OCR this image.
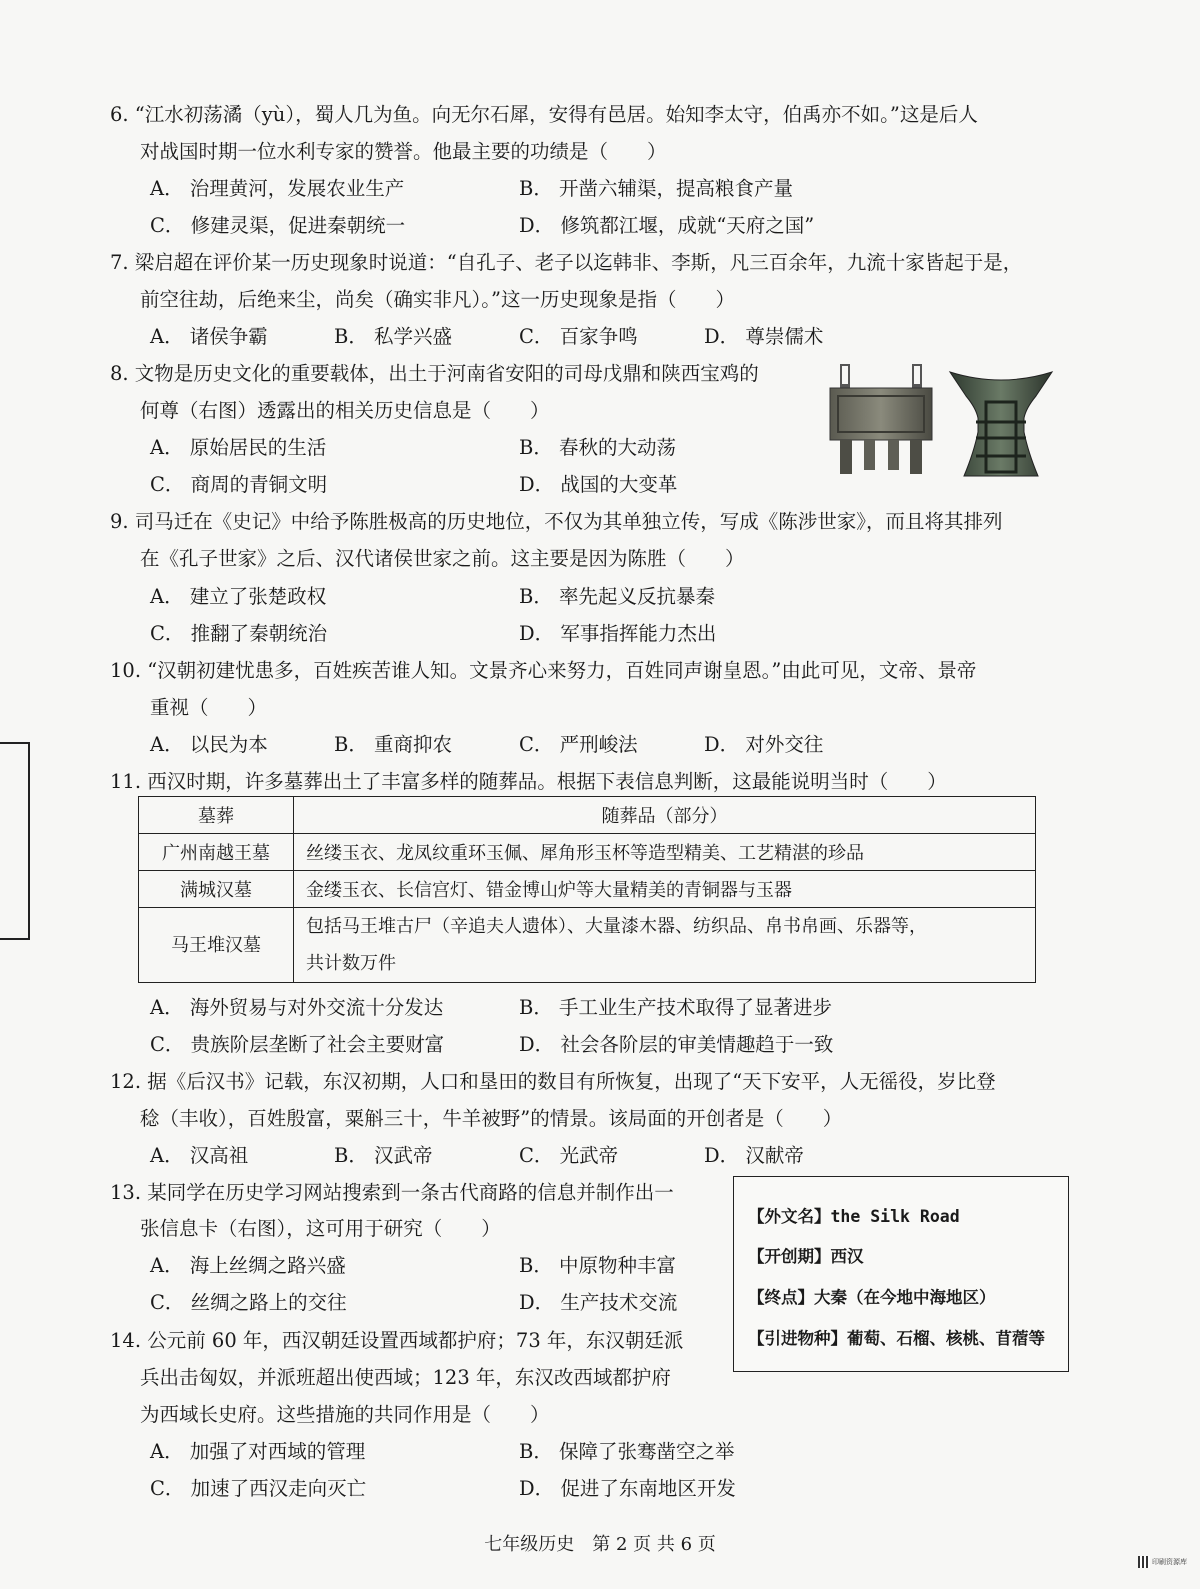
6. “江水初荡潏（yù），蜀人几为鱼。向无尔石犀，安得有邑居。始知李太守，伯禹亦不如。”这是后人
对战国时期一位水利专家的赞誉。他最主要的功绩是（　　）
A． 治理黄河，发展农业生产	B． 开凿六辅渠，提高粮食产量
C． 修建灵渠，促进秦朝统一	D． 修筑都江堰，成就“天府之国”
7. 梁启超在评价某一历史现象时说道：“自孔子、老子以迄韩非、李斯，凡三百余年，九流十家皆起于是，
前空往劫，后绝来尘，尚矣（确实非凡）。”这一历史现象是指（　　）
A． 诸侯争霸	B． 私学兴盛	C． 百家争鸣	D． 尊崇儒术
8. 文物是历史文化的重要载体，出土于河南省安阳的司母戊鼎和陕西宝鸡的
何尊（右图）透露出的相关历史信息是（　　）
A． 原始居民的生活	B． 春秋的大动荡
C． 商周的青铜文明	D． 战国的大变革
9. 司马迁在《史记》中给予陈胜极高的历史地位，不仅为其单独立传，写成《陈涉世家》，而且将其排列
在《孔子世家》之后、汉代诸侯世家之前。这主要是因为陈胜（　　）
A． 建立了张楚政权	B． 率先起义反抗暴秦
C． 推翻了秦朝统治	D． 军事指挥能力杰出
10. “汉朝初建忧患多，百姓疾苦谁人知。文景齐心来努力，百姓同声谢皇恩。”由此可见，文帝、景帝
重视（　　）
A． 以民为本	B． 重商抑农	C． 严刑峻法	D． 对外交往
11. 西汉时期，许多墓葬出土了丰富多样的随葬品。根据下表信息判断，这最能说明当时（　　）
墓葬	随葬品（部分）
广州南越王墓	丝缕玉衣、龙凤纹重环玉佩、犀角形玉杯等造型精美、工艺精湛的珍品
满城汉墓	金缕玉衣、长信宫灯、错金博山炉等大量精美的青铜器与玉器
马王堆汉墓	包括马王堆古尸（辛追夫人遗体）、大量漆木器、纺织品、帛书帛画、乐器等，
共计数万件
A． 海外贸易与对外交流十分发达	B． 手工业生产技术取得了显著进步
C． 贵族阶层垄断了社会主要财富	D． 社会各阶层的审美情趣趋于一致
12. 据《后汉书》记载，东汉初期，人口和垦田的数目有所恢复，出现了“天下安平，人无徭役，岁比登
稔（丰收），百姓殷富，粟斛三十，牛羊被野”的情景。该局面的开创者是（　　）
A． 汉高祖	B． 汉武帝	C． 光武帝	D． 汉献帝
13. 某同学在历史学习网站搜索到一条古代商路的信息并制作出一
张信息卡（右图），这可用于研究（　　）
A． 海上丝绸之路兴盛	B． 中原物种丰富
C． 丝绸之路上的交往	D． 生产技术交流
【外文名】the Silk Road
【开创期】西汉
【终点】大秦（在今地中海地区）
【引进物种】葡萄、石榴、核桃、苜蓿等
14. 公元前 60 年，西汉朝廷设置西域都护府；73 年，东汉朝廷派
兵出击匈奴，并派班超出使西域；123 年，东汉改西域都护府
为西域长史府。这些措施的共同作用是（　　）
A． 加强了对西域的管理	B． 保障了张骞凿空之举
C． 加速了西汉走向灭亡	D． 促进了东南地区开发
七年级历史　第 2 页 共 6 页
印刷资源库
